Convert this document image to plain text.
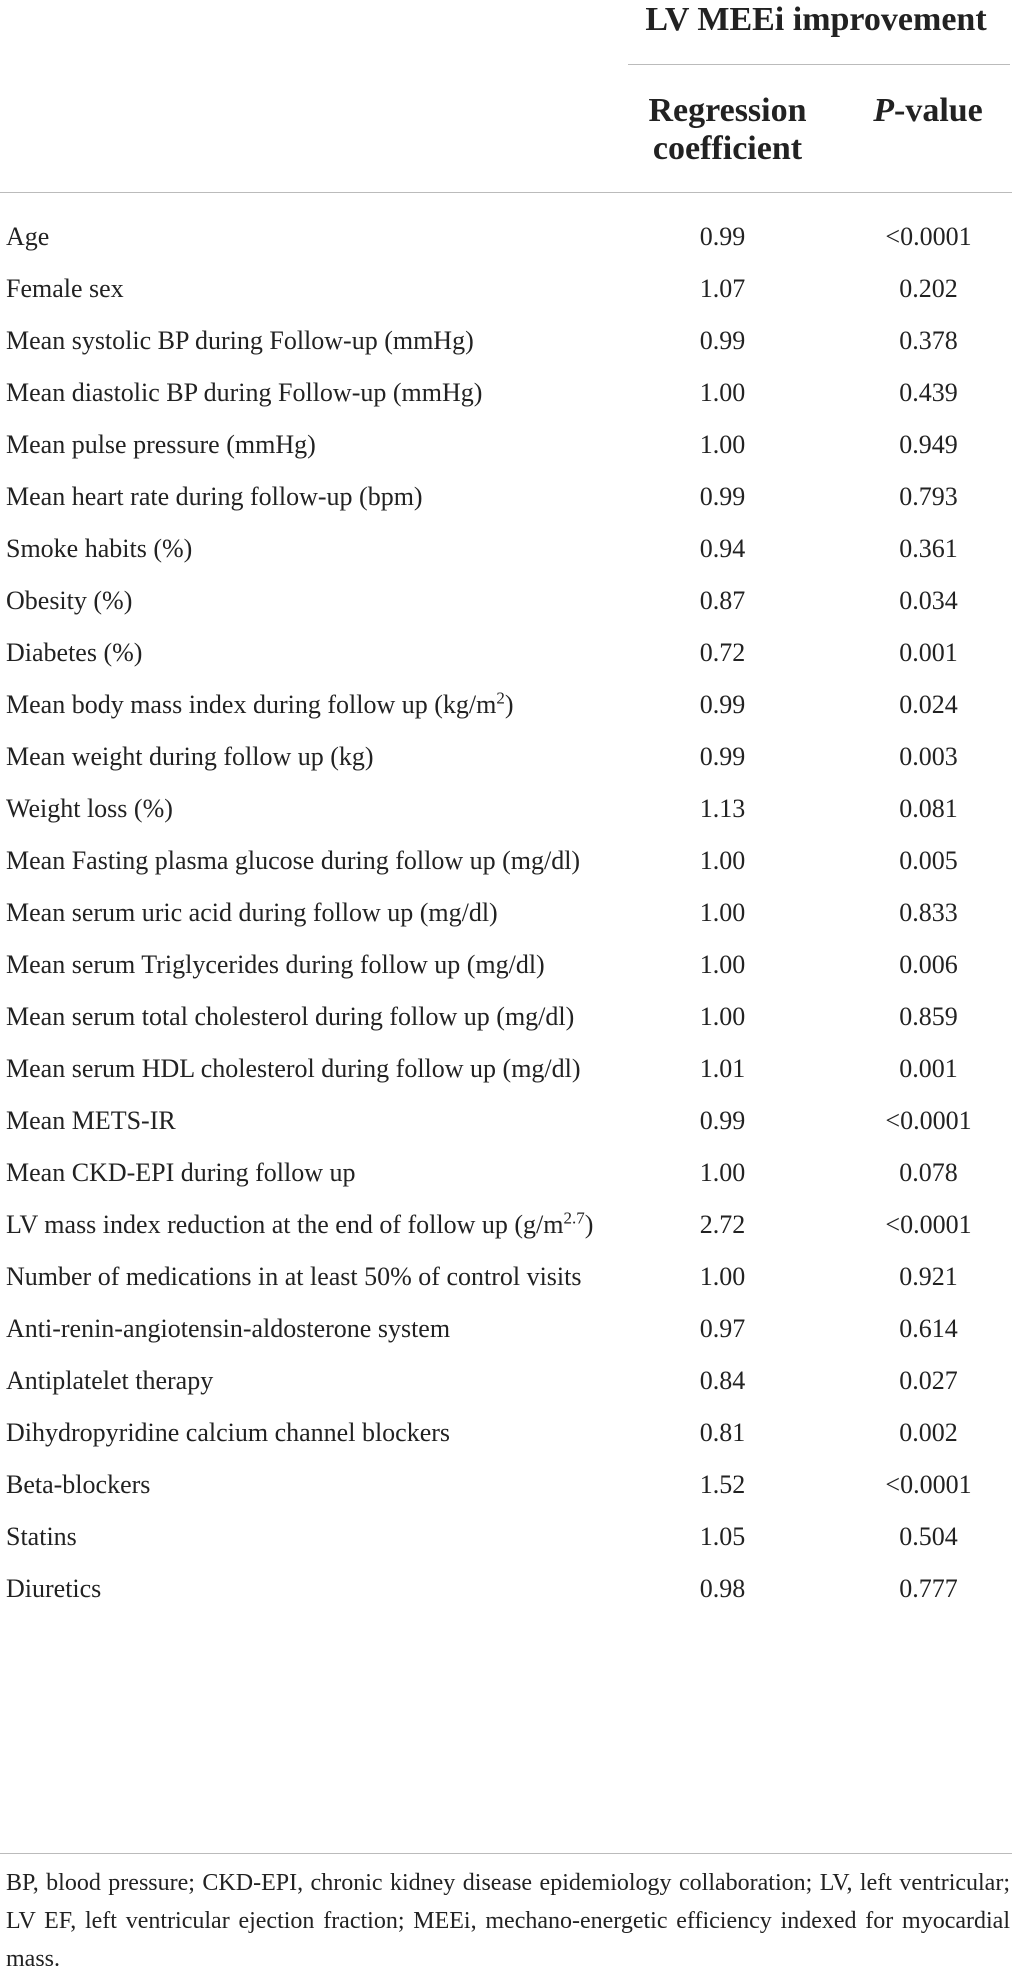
LV MEEi improvement
Regression
coefficient
P-value
Age	0.99	<0.0001
Female sex	1.07	0.202
Mean systolic BP during Follow-up (mmHg)	0.99	0.378
Mean diastolic BP during Follow-up (mmHg)	1.00	0.439
Mean pulse pressure (mmHg)	1.00	0.949
Mean heart rate during follow-up (bpm)	0.99	0.793
Smoke habits (%)	0.94	0.361
Obesity (%)	0.87	0.034
Diabetes (%)	0.72	0.001
Mean body mass index during follow up $(kg/m^2)$	0.99	0.024
Mean weight during follow up (kg)	0.99	0.003
Weight loss (%)	1.13	0.081
Mean Fasting plasma glucose during follow up (mg/dl)	1.00	0.005
Mean serum uric acid during follow up (mg/dl)	1.00	0.833
Mean serum Triglycerides during follow up (mg/dl)	1.00	0.006
Mean serum total cholesterol during follow up (mg/dl)	1.00	0.859
Mean serum HDL cholesterol during follow up (mg/dl)	1.01	0.001
Mean METS-IR	0.99	<0.0001
Mean CKD-EPI during follow up	1.00	0.078
LV mass index reduction at the end of follow up $(g/m^{2.7})$	2.72	<0.0001
Number of medications in at least 50% of control visits	1.00	0.921
Anti-renin-angiotensin-aldosterone system	0.97	0.614
Antiplatelet therapy	0.84	0.027
Dihydropyridine calcium channel blockers	0.81	0.002
Beta-blockers	1.52	<0.0001
Statins	1.05	0.504
Diuretics	0.98	0.777
BP, blood pressure; CKD-EPI, chronic kidney disease epidemiology collaboration; LV, left ventricular; LV EF, left ventricular ejection fraction; MEEi, mechano-energetic efficiency indexed for myocardial mass.
